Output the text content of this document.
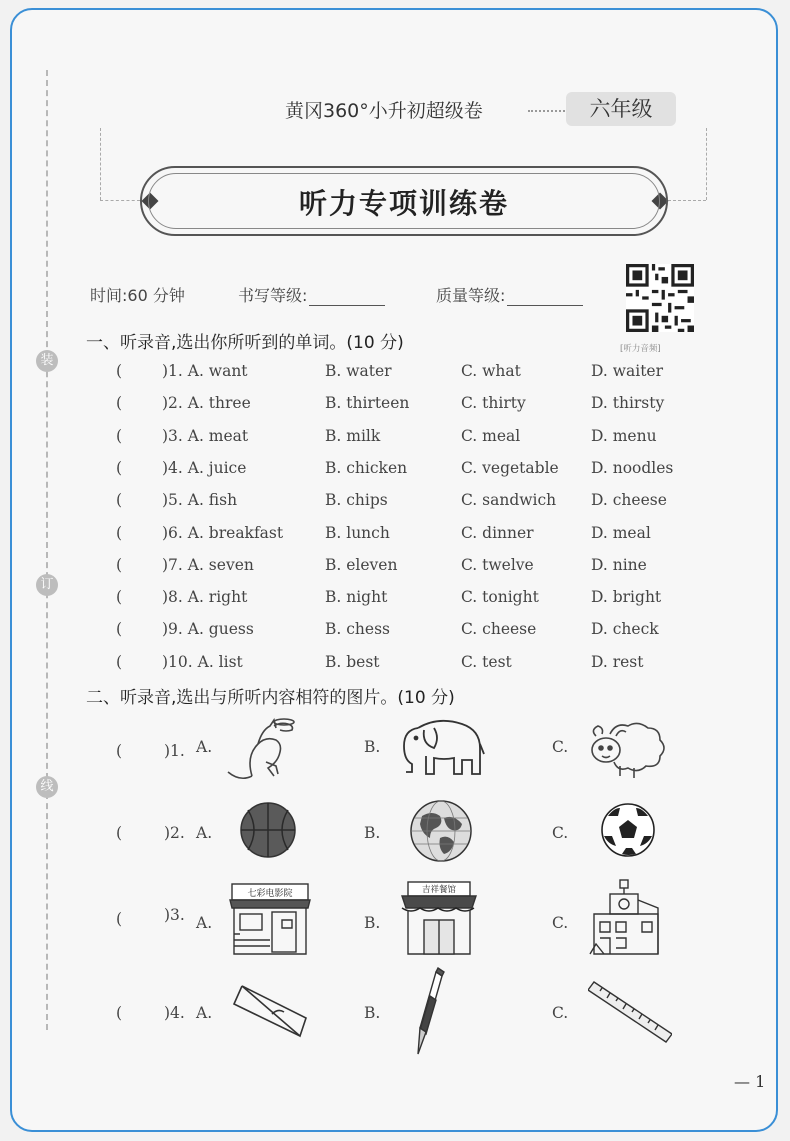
装
订
线
黄冈360°小升初超级卷	六年级
听力专项训练卷
时间:60 分钟	书写等级:	质量等级:
[听力音频]
一、听录音,选出你所听到的单词。(10 分)
(	)1. A. want	B. water	C. what	D. waiter
(	)2. A. three	B. thirteen	C. thirty	D. thirsty
(	)3. A. meat	B. milk	C. meal	D. menu
(	)4. A. juice	B. chicken	C. vegetable D. noodles
(	)5. A. fish	B. chips	C. sandwich D. cheese
(	)6. A. breakfast	B. lunch	C. dinner	D. meal
(	)7. A. seven	B. eleven	C. twelve	D. nine
(	)8. A. right	B. night	C. tonight	D. bright
(	)9. A. guess	B. chess	C. cheese	D. check
(	)10. A. list	B. best	C. test	D. rest
二、听录音,选出与所听内容相符的图片。(10 分)
(	)1. A.	B.	C.
(	)2. A.	B.	C.
(	)3. A.	B.	C.
(	)4. A.	B.	C.
七彩电影院	吉祥餐馆
— 1
